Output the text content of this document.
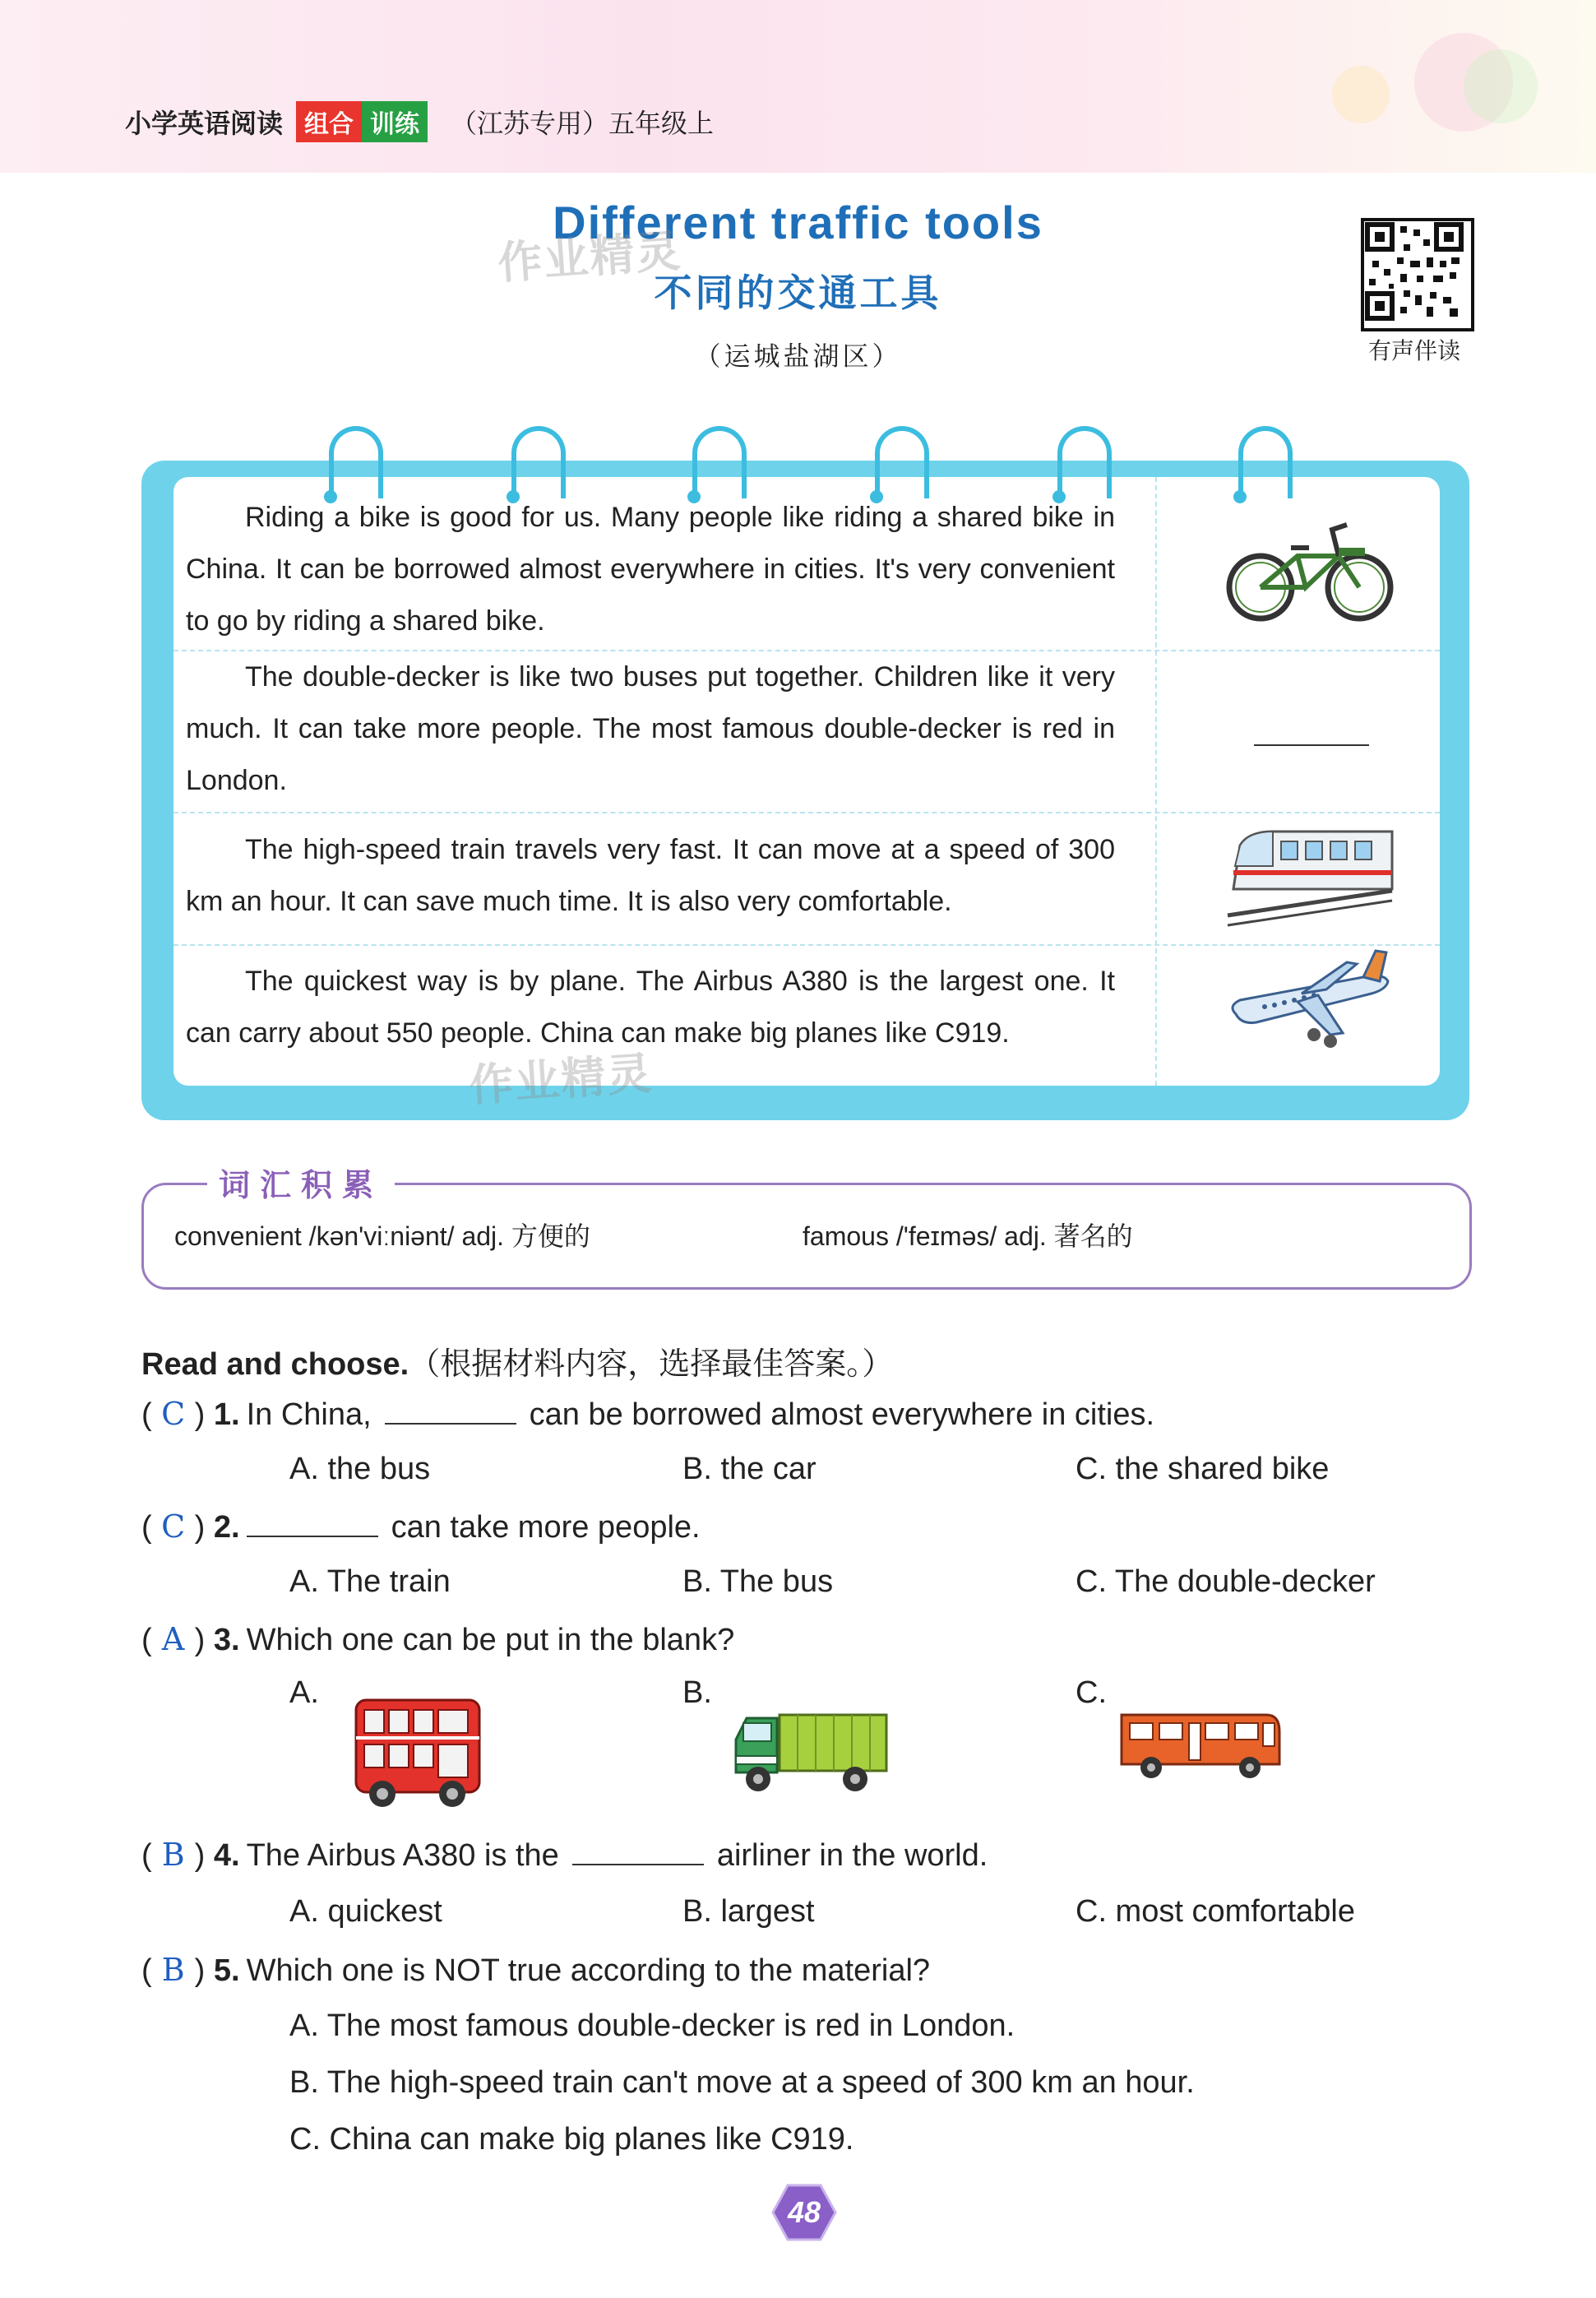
小学英语阅读 组合 训练	（江苏专用）五年级上
Different traffic tools
不同的交通工具
（运城盐湖区）
作业精灵
有声伴读
Riding a bike is good for us. Many people like riding a shared bike in China. It can be borrowed almost everywhere in cities. It's very convenient to go by riding a shared bike.
The double-decker is like two buses put together. Children like it very much. It can take more people. The most famous double-decker is red in London.
The high-speed train travels very fast. It can move at a speed of 300 km an hour. It can save much time. It is also very comfortable.
The quickest way is by plane. The Airbus A380 is the largest one. It can carry about 550 people. China can make big planes like C919.
作业精灵
词汇积累
convenient /kən'viːniənt/ adj. 方便的	famous /'feɪməs/ adj. 著名的
Read and choose.（根据材料内容，选择最佳答案。）
( C ) 1. In China,	can be borrowed almost everywhere in cities.
A. the bus	B. the car	C. the shared bike
( C ) 2.	can take more people.
A. The train	B. The bus	C. The double-decker
( A ) 3. Which one can be put in the blank?
A.	B.	C.
( B ) 4. The Airbus A380 is the	airliner in the world.
A. quickest	B. largest	C. most comfortable
( B ) 5. Which one is NOT true according to the material?
A. The most famous double-decker is red in London.
B. The high-speed train can't move at a speed of 300 km an hour.
C. China can make big planes like C919.
48
